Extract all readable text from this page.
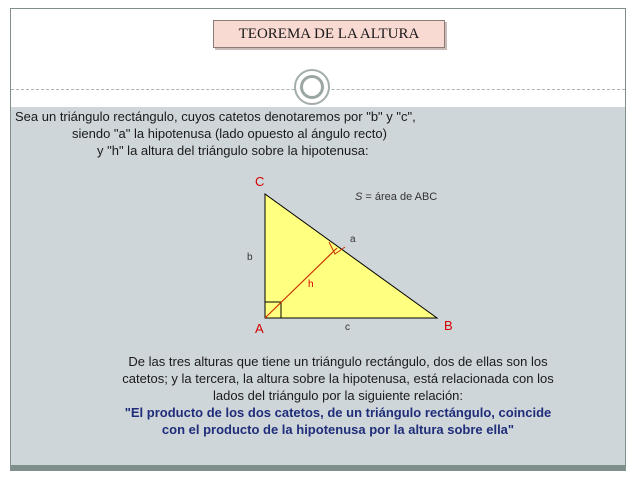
TEOREMA DE LA ALTURA
Sea un triángulo rectángulo, cuyos catetos denotaremos por "b" y "c",
siendo "a" la hipotenusa (lado opuesto al ángulo recto)
y "h" la altura del triángulo sobre la hipotenusa:
C
A	B
a
b
c
h
S = área de ABC
De las tres alturas que tiene un triángulo rectángulo, dos de ellas son los
catetos; y la tercera, la altura sobre la hipotenusa, está relacionada con los
lados del triángulo por la siguiente relación:
"El producto de los dos catetos, de un triángulo rectángulo, coincide
con el producto de la hipotenusa por la altura sobre ella"
